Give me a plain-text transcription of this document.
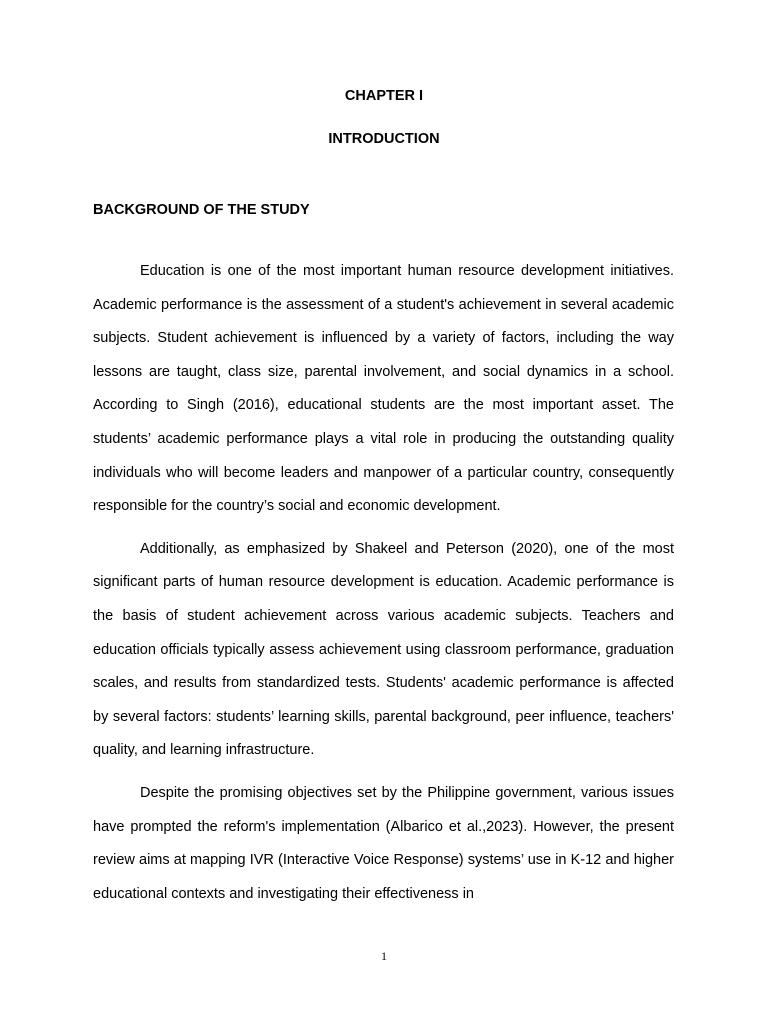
CHAPTER I
INTRODUCTION
BACKGROUND OF THE STUDY

Education is one of the most important human resource development initiatives. Academic performance is the assessment of a student's achievement in several academic subjects. Student achievement is influenced by a variety of factors, including the way lessons are taught, class size, parental involvement, and social dynamics in a school. According to Singh (2016), educational students are the most important asset. The students’ academic performance plays a vital role in producing the outstanding quality individuals who will become leaders and manpower of a particular country, consequently responsible for the country’s social and economic development.

Additionally, as emphasized by Shakeel and Peterson (2020), one of the most significant parts of human resource development is education. Academic performance is the basis of student achievement across various academic subjects. Teachers and education officials typically assess achievement using classroom performance, graduation scales, and results from standardized tests. Students' academic performance is affected by several factors: students’ learning skills, parental background, peer influence, teachers' quality, and learning infrastructure.

Despite the promising objectives set by the Philippine government, various issues have prompted the reform's implementation (Albarico et al.,2023). However, the present review aims at mapping IVR (Interactive Voice Response) systems’ use in K-12 and higher educational contexts and investigating their effectiveness in

1
